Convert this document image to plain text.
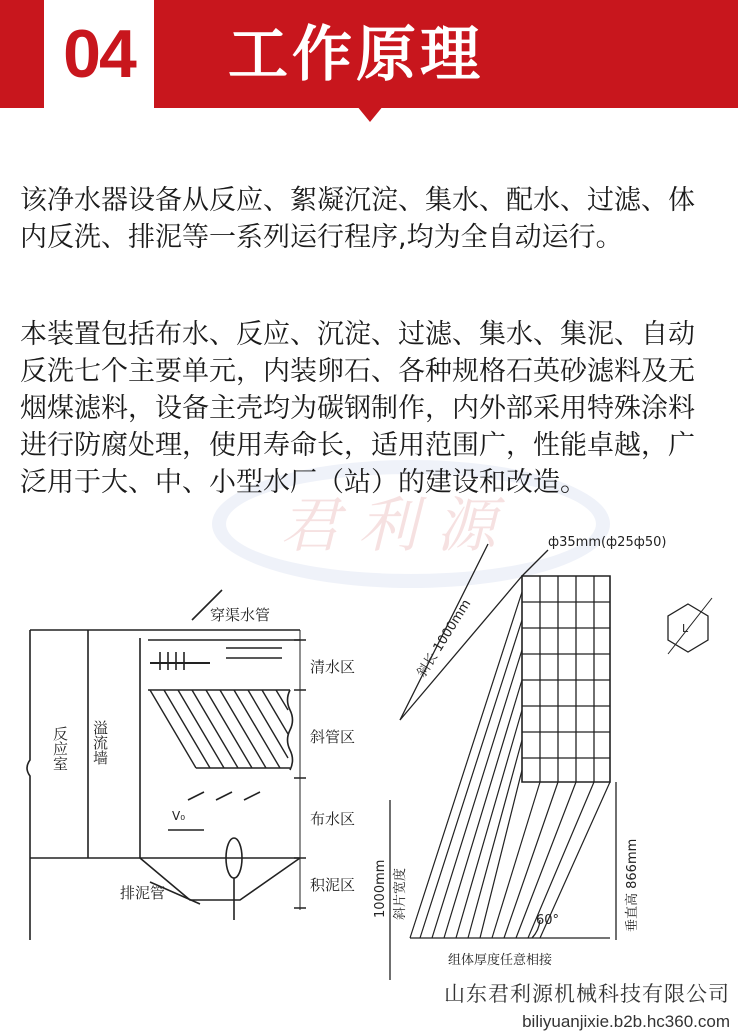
04	工作原理
君利源

该净水器设备从反应、絮凝沉淀、集水、配水、过滤、体内反洗、排泥等一系列运行程序,均为全自动运行。

本装置包括布水、反应、沉淀、过滤、集水、集泥、自动反洗七个主要单元，内装卵石、各种规格石英砂滤料及无烟煤滤料，设备主壳均为碳钢制作，内外部采用特殊涂料进行防腐处理，使用寿命长，适用范围广，性能卓越，广泛用于大、中、小型水厂（站）的建设和改造。

穿渠水管
清水区
斜管区
布水区
积泥区
排泥管
V₀
反应室 溢流墙
ф35mm(ф25ф50)
斜长 1000mm
垂直高 866mm
1000mm 斜片宽度
60°
组体厚度任意相接
L
山东君利源机械科技有限公司
biliyuanjixie.b2b.hc360.com
